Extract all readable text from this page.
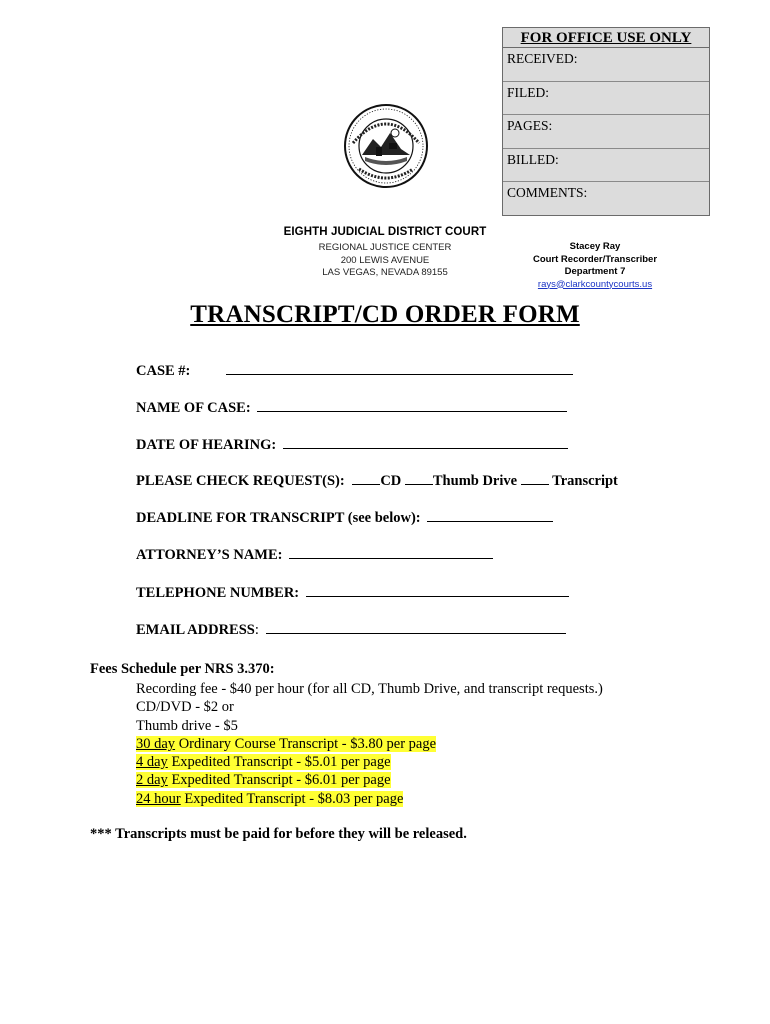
FOR OFFICE USE ONLY
RECEIVED:
FILED:
PAGES:
BILLED:
COMMENTS:
EIGHTH JUDICIAL DISTRICT COURT
REGIONAL JUSTICE CENTER
200 LEWIS AVENUE
LAS VEGAS, NEVADA 89155
Stacey Ray
Court Recorder/Transcriber
Department 7
rays@clarkcountycourts.us
TRANSCRIPT/CD ORDER FORM
CASE #:
NAME OF CASE:
DATE OF HEARING:
PLEASE CHECK REQUEST(S): CD Thumb Drive Transcript
DEADLINE FOR TRANSCRIPT (see below):
ATTORNEY’S NAME:
TELEPHONE NUMBER:
EMAIL ADDRESS:
Fees Schedule per NRS 3.370:
Recording fee - $40 per hour (for all CD, Thumb Drive, and transcript requests.)
CD/DVD - $2 or
Thumb drive - $5
30 day Ordinary Course Transcript - $3.80 per page
4 day Expedited Transcript - $5.01 per page
2 day Expedited Transcript - $6.01 per page
24 hour Expedited Transcript - $8.03 per page
*** Transcripts must be paid for before they will be released.
